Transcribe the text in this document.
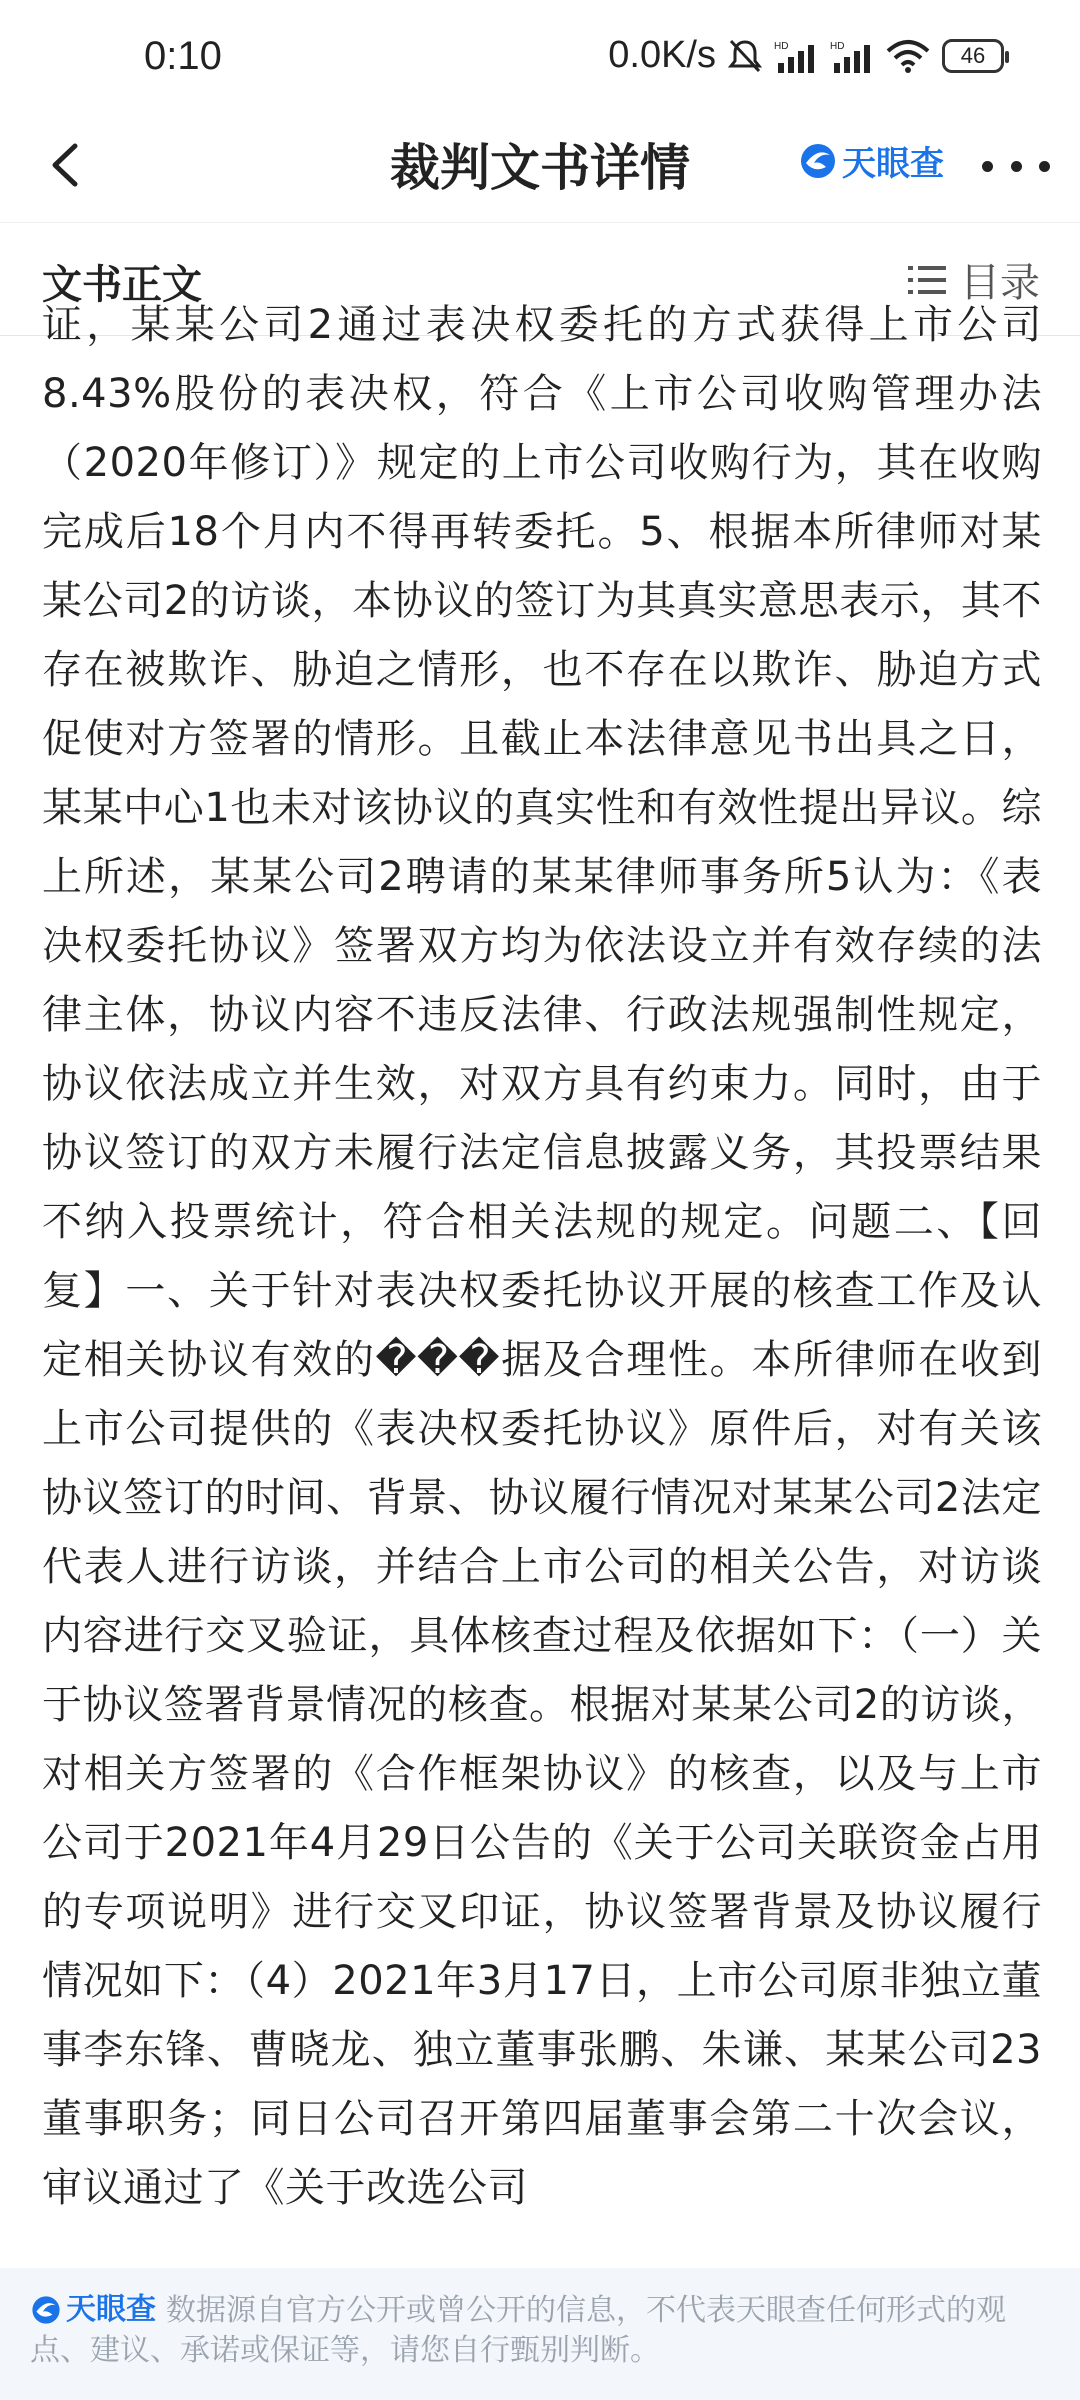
0:10	0.0K/s	HD	HD	46
裁判文书详情	天眼查
文书正文	目录

证，某某公司2通过表决权委托的方式获得上市公司8.43%股份的表决权，符合《上市公司收购管理办法（2020年修订）》规定的上市公司收购行为，其在收购完成后18个月内不得再转委托。5、根据本所律师对某某公司2的访谈，本协议的签订为其真实意思表示，其不存在被欺诈、胁迫之情形，也不存在以欺诈、胁迫方式促使对方签署的情形。且截止本法律意见书出具之日，某某中心1也未对该协议的真实性和有效性提出异议。综上所述，某某公司2聘请的某某律师事务所5认为：《表决权委托协议》签署双方均为依法设立并有效存续的法律主体，协议内容不违反法律、行政法规强制性规定，协议依法成立并生效，对双方具有约束力。同时，由于协议签订的双方未履行法定信息披露义务，其投票结果不纳入投票统计，符合相关法规的规定。问题二、【回复】一、关于针对表决权委托协议开展的核查工作及认定相关协议有效的���据及合理性。本所律师在收到上市公司提供的《表决权委托协议》原件后，对有关该协议签订的时间、背景、协议履行情况对某某公司2法定代表人进行访谈，并结合上市公司的相关公告，对访谈内容进行交叉验证，具体核查过程及依据如下：（一）关于协议签署背景情况的核查。根据对某某公司2的访谈，对相关方签署的《合作框架协议》的核查，以及与上市公司于2021年4月29日公告的《关于公司关联资金占用的专项说明》进行交叉印证，协议签署背景及协议履行情况如下：（4）2021年3月17日，上市公司原非独立董事李东锋、曹晓龙、独立董事张鹏、朱谦、某某公司23董事职务；同日公司召开第四届董事会第二十次会议，审议通过了《关于改选公司

天眼查 数据源自官方公开或曾公开的信息，不代表天眼查任何形式的观点、建议、承诺或保证等，请您自行甄别判断。
